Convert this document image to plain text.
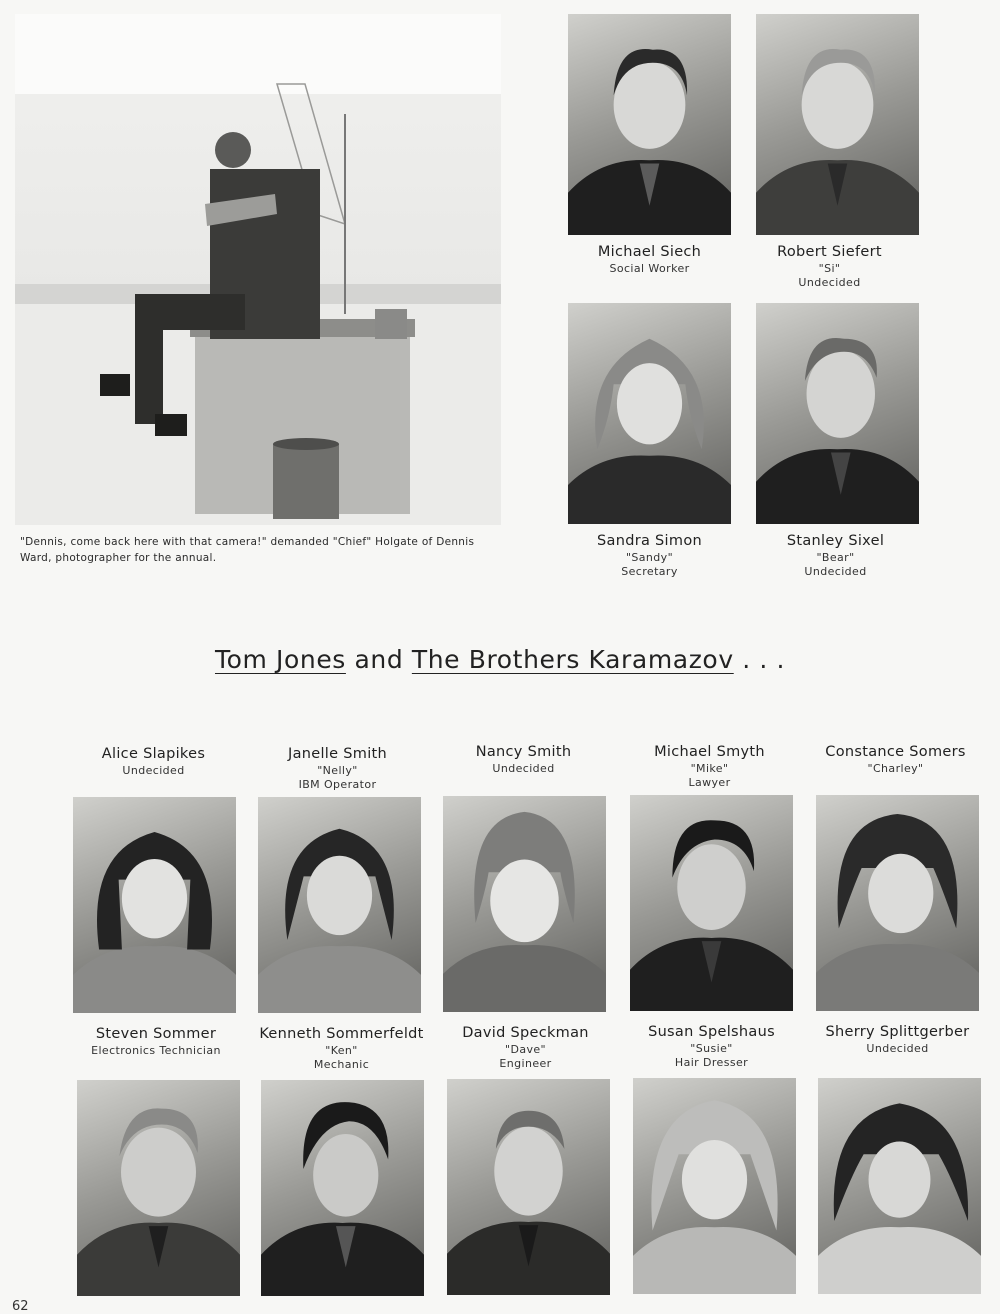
"Dennis, come back here with that camera!" demanded "Chief" Holgate of Dennis Ward, photographer for the annual.
Michael Siech
Social Worker
Robert Siefert
"Si"
Undecided
Sandra Simon
"Sandy"
Secretary
Stanley Sixel
"Bear"
Undecided
Tom Jones and The Brothers Karamazov . . .
Alice Slapikes
Undecided
Janelle Smith
"Nelly"
IBM Operator
Nancy Smith
Undecided
Michael Smyth
"Mike"
Lawyer
Constance Somers
"Charley"
Steven Sommer
Electronics Technician
Kenneth Sommerfeldt
"Ken"
Mechanic
David Speckman
"Dave"
Engineer
Susan Spelshaus
"Susie"
Hair Dresser
Sherry Splittgerber
Undecided
62
